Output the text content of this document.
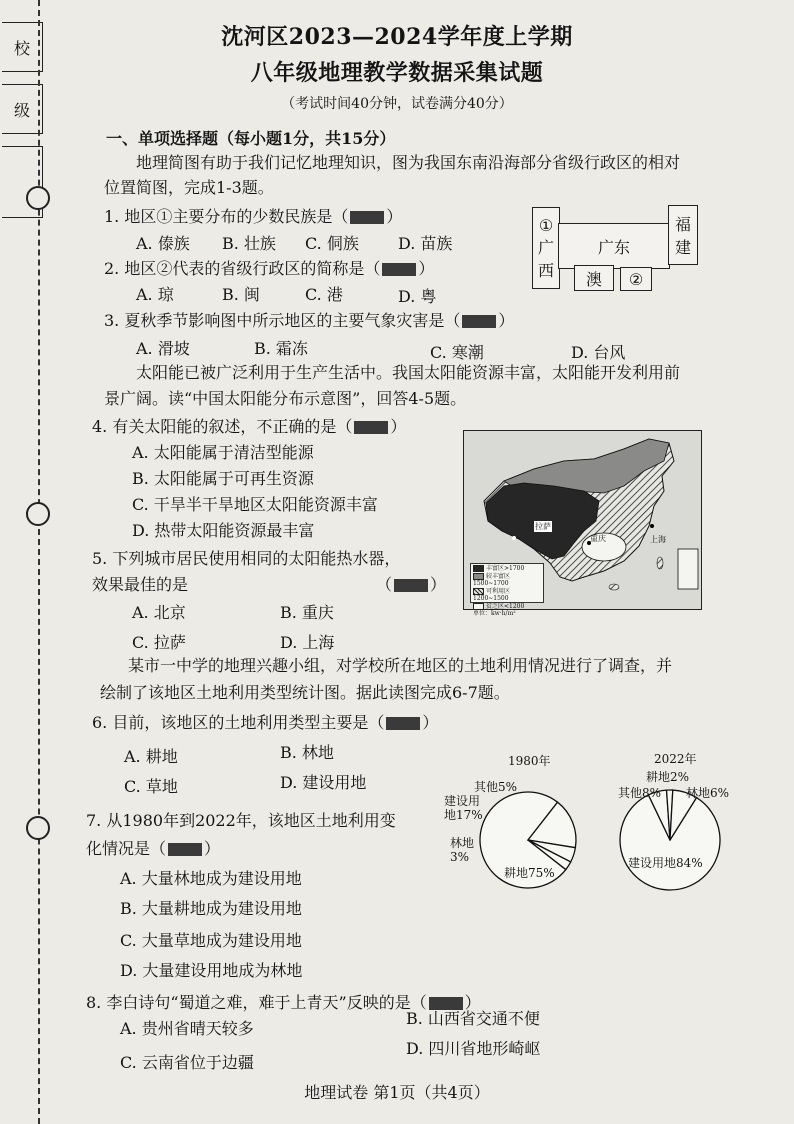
校
级
沈河区2023—2024学年度上学期
八年级地理教学数据采集试题
（考试时间40分钟，试卷满分40分）
一、单项选择题（每小题1分，共15分）
地理简图有助于我们记忆地理知识，图为我国东南沿海部分省级行政区的相对
位置简图，完成1-3题。
1. 地区①主要分布的少数民族是（ ）
A. 傣族 B. 壮族 C. 侗族 D. 苗族
2. 地区②代表的省级行政区的简称是（ ）
A. 琼	B. 闽	C. 港	D. 粤
3. 夏秋季节影响图中所示地区的主要气象灾害是（ ）
A. 滑坡	B. 霜冻	C. 寒潮	D. 台风
①
广
西
广东
澳 ②
福
建
太阳能已被广泛利用于生产生活中。我国太阳能资源丰富，太阳能开发利用前
景广阔。读“中国太阳能分布示意图”，回答4-5题。
4. 有关太阳能的叙述，不正确的是（ ）
A. 太阳能属于清洁型能源
B. 太阳能属于可再生资源
C. 干旱半干旱地区太阳能资源丰富
D. 热带太阳能资源最丰富
5. 下列城市居民使用相同的太阳能热水器，
效果最佳的是	（ ）
A. 北京	B. 重庆
C. 拉萨	D. 上海
拉萨
重庆	上海
丰富区>1700
较丰富区1500~1700
可利用区1200~1500
贫乏区<1200
单位：kw·h/m²
某市一中学的地理兴趣小组，对学校所在地区的土地利用情况进行了调查，并
绘制了该地区土地利用类型统计图。据此读图完成6-7题。
6. 目前，该地区的土地利用类型主要是（ ）
A. 耕地	B. 林地
C. 草地	D. 建设用地
7. 从1980年到2022年，该地区土地利用变
化情况是（ ）
A. 大量林地成为建设用地
B. 大量耕地成为建设用地
C. 大量草地成为建设用地
D. 大量建设用地成为林地
1980年	2022年
其他5%
建设用
地17%
林地
3%
耕地75%
耕地2%
其他8% 林地6%
建设用地84%
8. 李白诗句“蜀道之难，难于上青天”反映的是（ ）
A. 贵州省晴天较多
B. 山西省交通不便
C. 云南省位于边疆
D. 四川省地形崎岖
地理试卷 第1页（共4页）
